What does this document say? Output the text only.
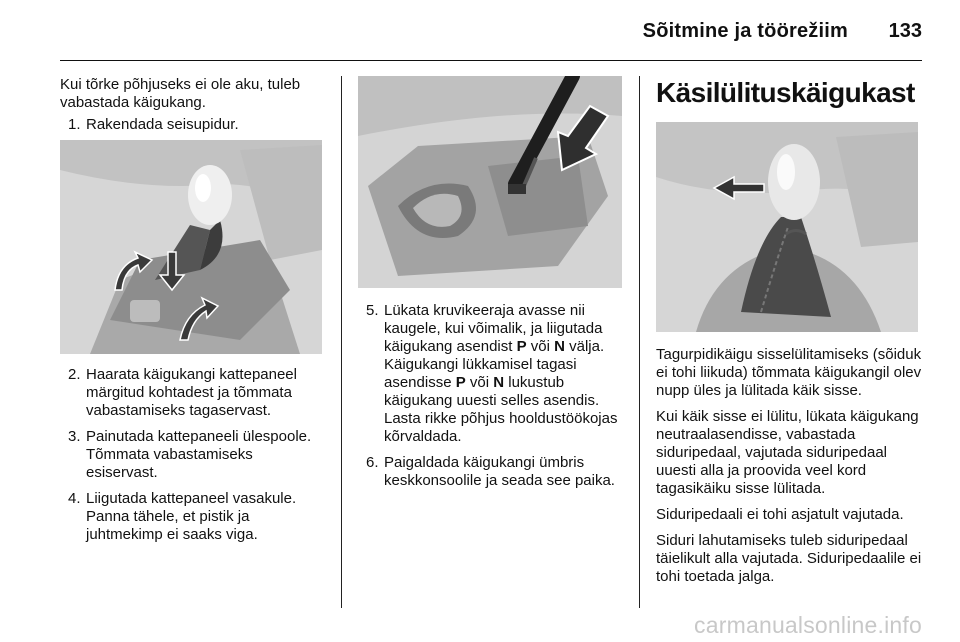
Sõitmine ja töörežiim 133

Kui tõrke põhjuseks ei ole aku, tuleb vabastada käigukang.

1. Rakendada seisupidur.
2. Haarata käigukangi kattepaneel märgitud kohtadest ja tõmmata vabastamiseks tagaservast.
3. Painutada kattepaneeli ülespoole. Tõmmata vabastamiseks esiservast.
4. Liigutada kattepaneel vasakule. Panna tähele, et pistik ja juhtmekimp ei saaks viga.
5. Lükata kruvikeeraja avasse nii kaugele, kui võimalik, ja liigutada käigukang asendist P või N välja. Käigukangi lükkamisel tagasi asendisse P või N lukustub käigukang uuesti selles asendis. Lasta rikke põhjus hooldustöökojas kõrvaldada.
6. Paigaldada käigukangi ümbris keskkonsoolile ja seada see paika.
Käsilülituskäigukast

Tagurpidikäigu sisselülitamiseks (sõiduk ei tohi liikuda) tõmmata käigukangil olev nupp üles ja lülitada käik sisse.

Kui käik sisse ei lülitu, lükata käigukang neutraalasendisse, vabastada siduripedaal, vajutada siduripedaal uuesti alla ja proovida veel kord tagasikäiku sisse lülitada.

Siduripedaali ei tohi asjatult vajutada.

Siduri lahutamiseks tuleb siduripedaal täielikult alla vajutada. Siduripedaalile ei tohi toetada jalga.

carmanualsonline.info
